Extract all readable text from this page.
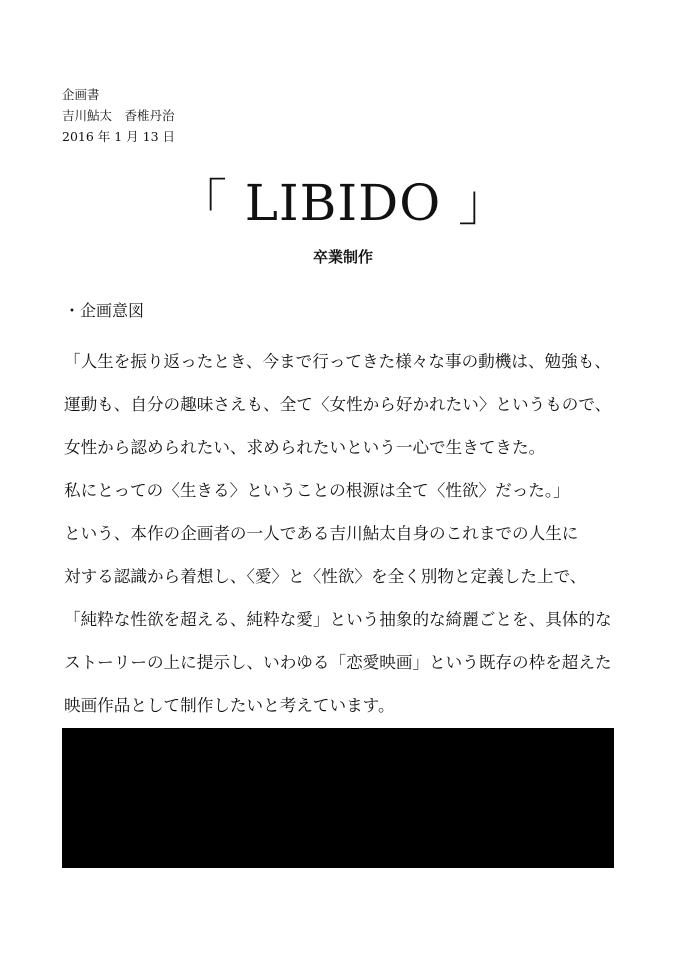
企画書
吉川鮎太　香椎丹治
2016 年 1 月 13 日
「 LIBIDO 」
卒業制作
・企画意図
「人生を振り返ったとき、今まで行ってきた様々な事の動機は、勉強も、
運動も、自分の趣味さえも、全て〈女性から好かれたい〉というもので、
女性から認められたい、求められたいという一心で生きてきた。
私にとっての〈生きる〉ということの根源は全て〈性欲〉だった。」
という、本作の企画者の一人である吉川鮎太自身のこれまでの人生に
対する認識から着想し、〈愛〉と〈性欲〉を全く別物と定義した上で、
「純粋な性欲を超える、純粋な愛」という抽象的な綺麗ごとを、具体的な
ストーリーの上に提示し、いわゆる「恋愛映画」という既存の枠を超えた
映画作品として制作したいと考えています。
